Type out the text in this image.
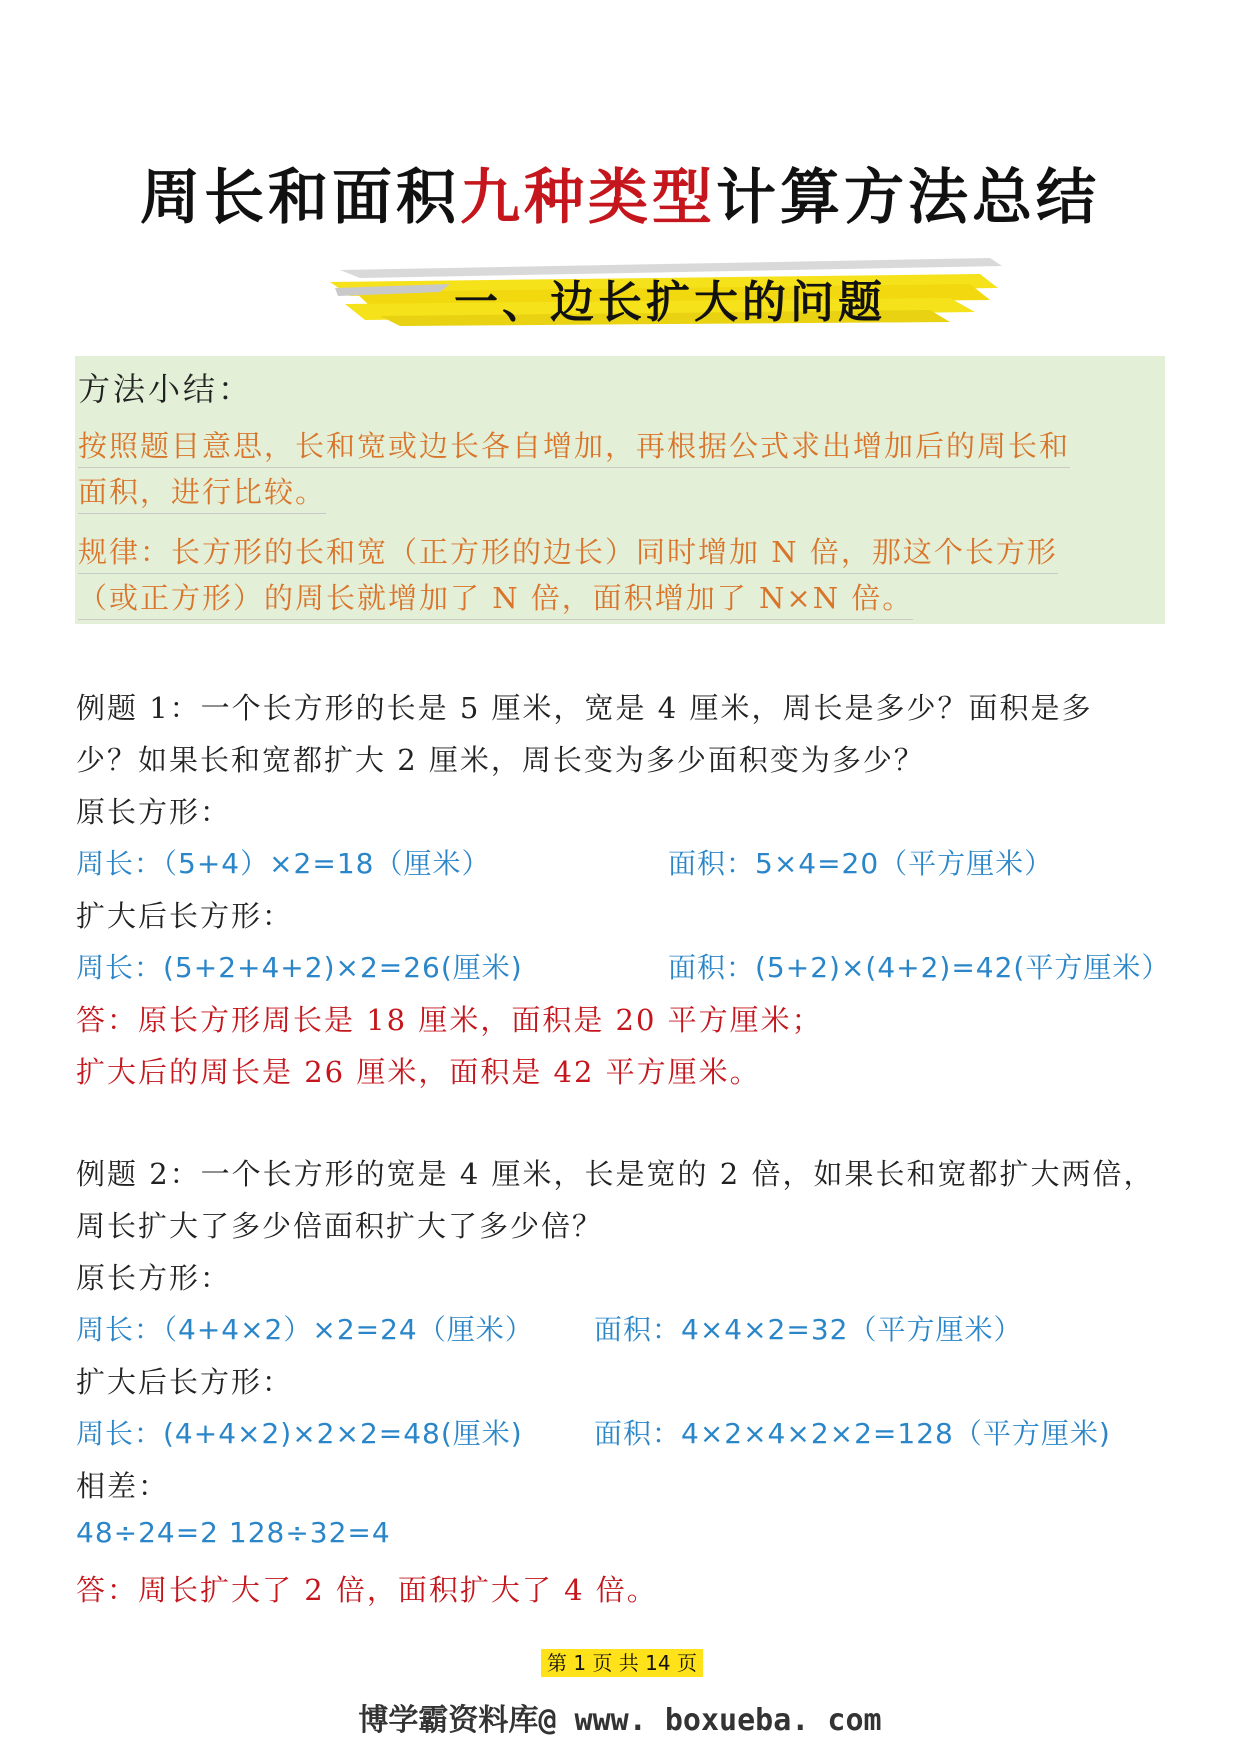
周长和面积九种类型计算方法总结
一、边长扩大的问题
方法小结：
按照题目意思，长和宽或边长各自增加，再根据公式求出增加后的周长和
面积，进行比较。
规律：长方形的长和宽（正方形的边长）同时增加 N 倍，那这个长方形
（或正方形）的周长就增加了 N 倍，面积增加了 N×N 倍。
例题 1：一个长方形的长是 5 厘米，宽是 4 厘米，周长是多少？面积是多
少？如果长和宽都扩大 2 厘米，周长变为多少面积变为多少？
原长方形：
周长：（5+4）×2=18（厘米）	面积：5×4=20（平方厘米）
扩大后长方形：
周长：(5+2+4+2)×2=26(厘米)	面积：(5+2)×(4+2)=42(平方厘米）
答：原长方形周长是 18 厘米，面积是 20 平方厘米；
扩大后的周长是 26 厘米，面积是 42 平方厘米。
例题 2：一个长方形的宽是 4 厘米，长是宽的 2 倍，如果长和宽都扩大两倍，
周长扩大了多少倍面积扩大了多少倍？
原长方形：
周长：（4+4×2）×2=24（厘米） 面积：4×4×2=32（平方厘米）
扩大后长方形：
周长：(4+4×2)×2×2=48(厘米)	面积：4×2×4×2×2=128（平方厘米)
相差：
48÷24=2 128÷32=4
答：周长扩大了 2 倍，面积扩大了 4 倍。
第 1 页 共 14 页
博学霸资料库@ www. boxueba. com
